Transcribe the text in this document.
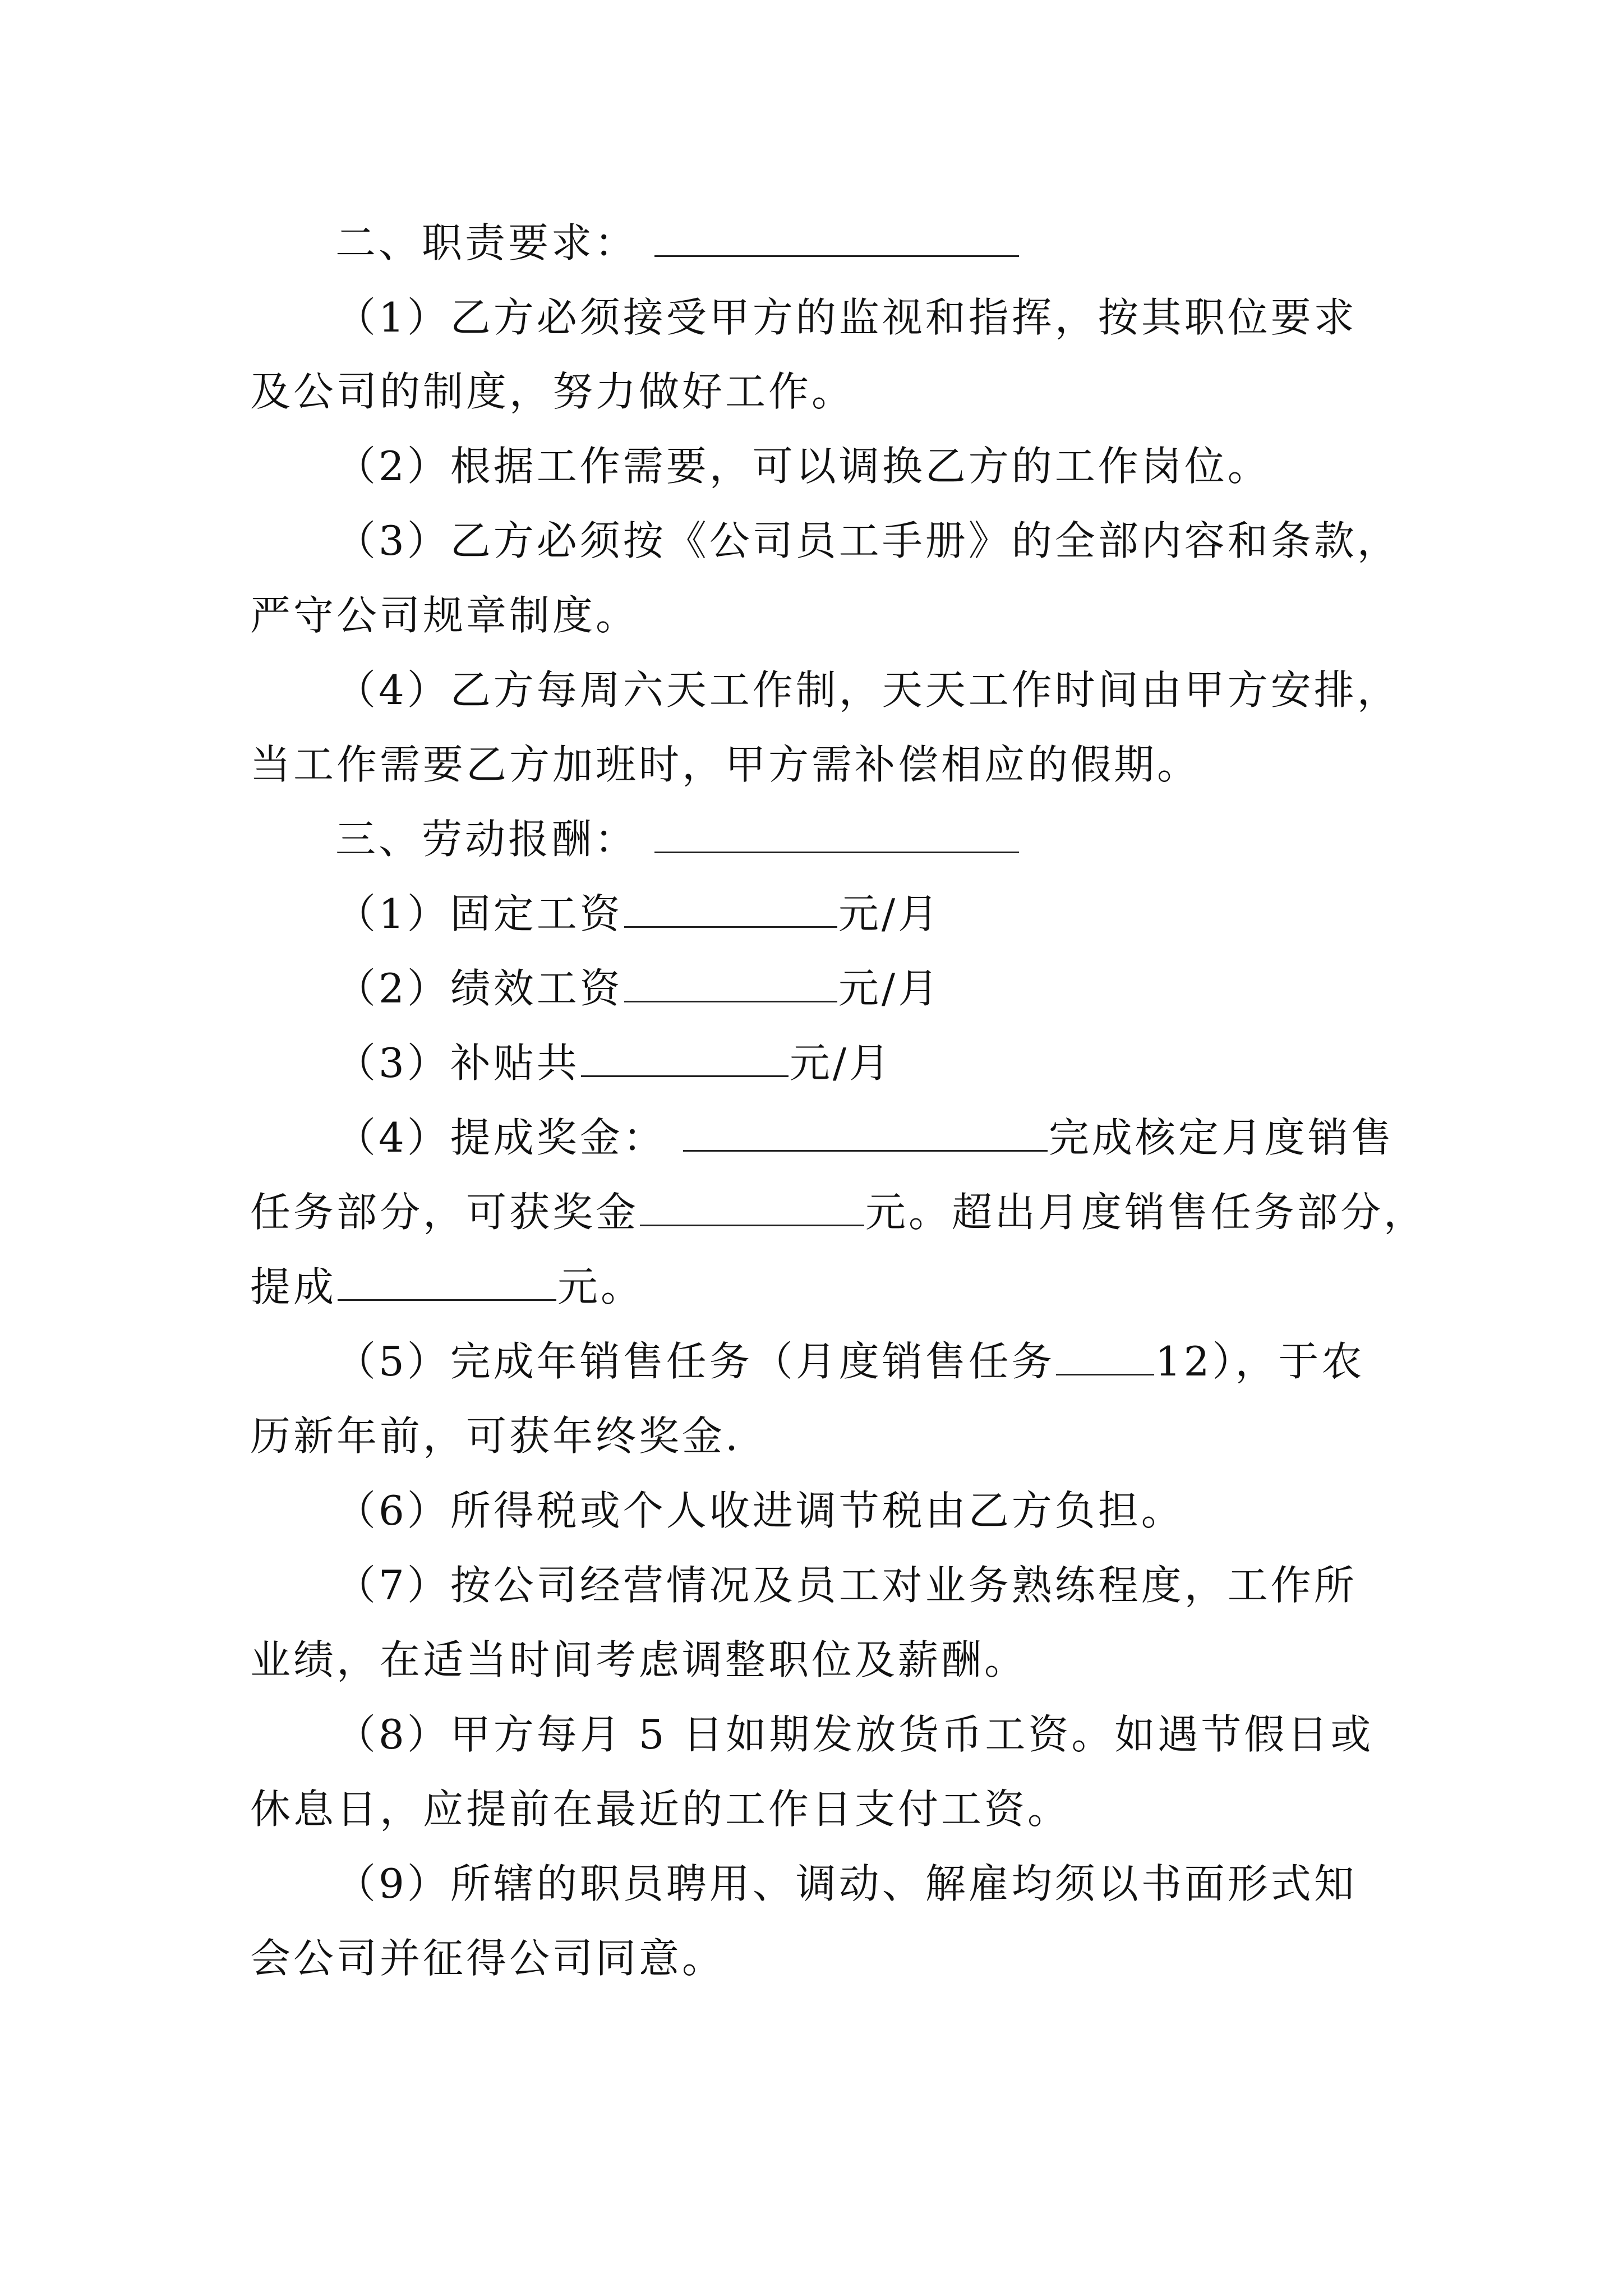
二、职责要求：
（1）乙方必须接受甲方的监视和指挥，按其职位要求
及公司的制度，努力做好工作。
（2）根据工作需要，可以调换乙方的工作岗位。
（3）乙方必须按《公司员工手册》的全部内容和条款，
严守公司规章制度。
（4）乙方每周六天工作制，天天工作时间由甲方安排，
当工作需要乙方加班时，甲方需补偿相应的假期。
三、劳动报酬：
（1）固定工资	元/月
（2）绩效工资	元/月
（3）补贴共	元/月
（4）提成奖金：	完成核定月度销售
任务部分，可获奖金	元。超出月度销售任务部分，
提成	元。
（5）完成年销售任务（月度销售任务 12），于农
历新年前，可获年终奖金.
（6）所得税或个人收进调节税由乙方负担。
（7）按公司经营情况及员工对业务熟练程度，工作所
业绩，在适当时间考虑调整职位及薪酬。
（8）甲方每月 5 日如期发放货币工资。如遇节假日或
休息日，应提前在最近的工作日支付工资。
（9）所辖的职员聘用、调动、解雇均须以书面形式知
会公司并征得公司同意。
